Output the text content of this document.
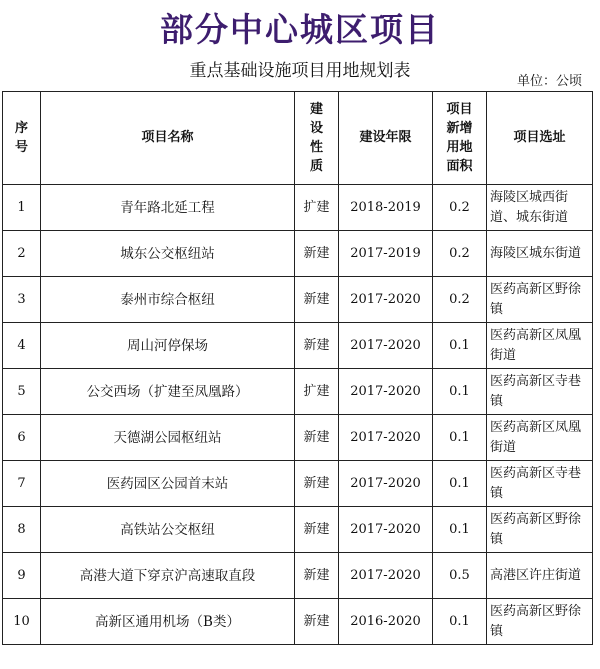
部分中心城区项目
重点基础设施项目用地规划表
单位：公顷
序号	项目名称	建设性质	建设年限	项目新增用地面积	项目选址
1	青年路北延工程	扩建	2018-2019	0.2	海陵区城西街道、城东街道
2	城东公交枢纽站	新建	2017-2019	0.2	海陵区城东街道
3	泰州市综合枢纽	新建	2017-2020	0.2	医药高新区野徐镇
4	周山河停保场	新建	2017-2020	0.1	医药高新区凤凰街道
5	公交西场（扩建至凤凰路）	扩建	2017-2020	0.1	医药高新区寺巷镇
6	天德湖公园枢纽站	新建	2017-2020	0.1	医药高新区凤凰街道
7	医药园区公园首末站	新建	2017-2020	0.1	医药高新区寺巷镇
8	高铁站公交枢纽	新建	2017-2020	0.1	医药高新区野徐镇
9	高港大道下穿京沪高速取直段	新建	2017-2020	0.5	高港区许庄街道
10	高新区通用机场（B类）	新建	2016-2020	0.1	医药高新区野徐镇
